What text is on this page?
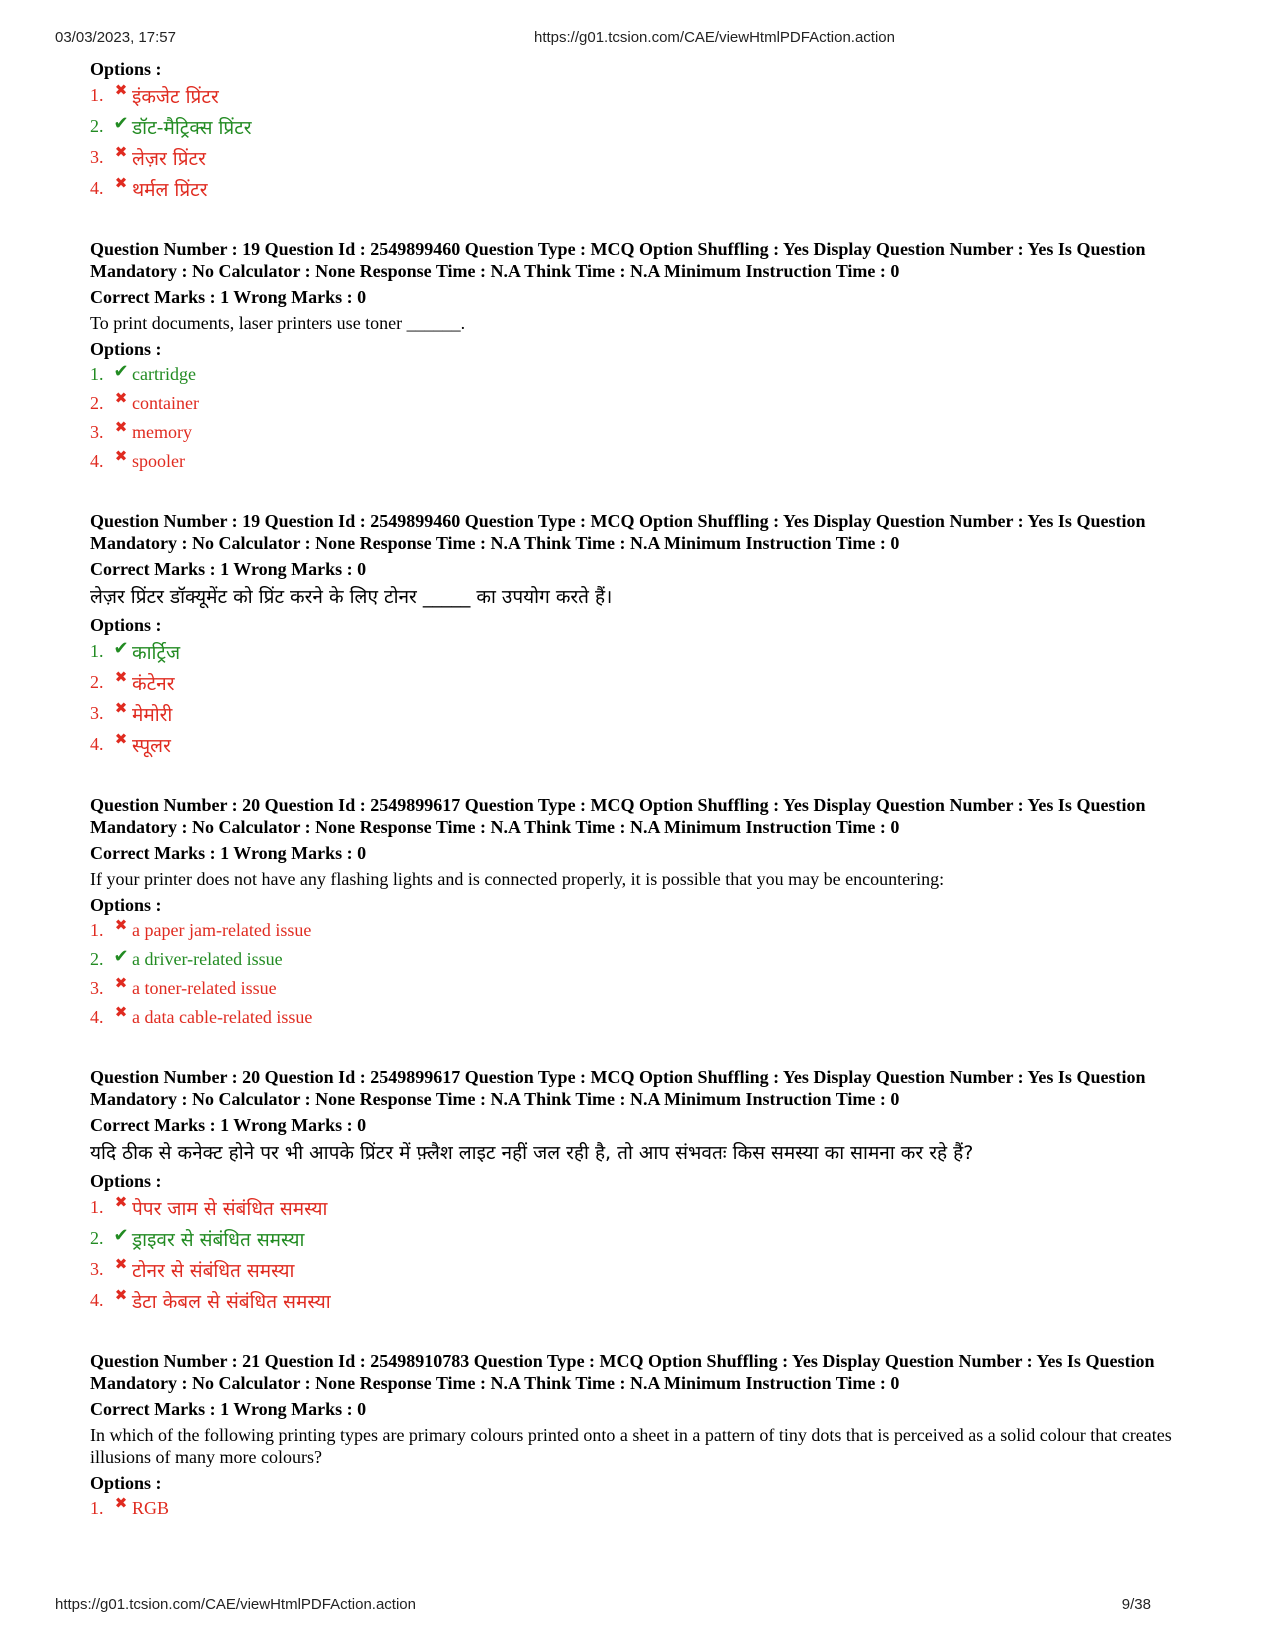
03/03/2023, 17:57	https://g01.tcsion.com/CAE/viewHtmlPDFAction.action

Options :

1. ✖ इंकजेट प्रिंटर
2. ✔ डॉट-मैट्रिक्स प्रिंटर
3. ✖ लेज़र प्रिंटर
4. ✖ थर्मल प्रिंटर

Question Number : 19 Question Id : 2549899460 Question Type : MCQ Option Shuffling : Yes Display Question Number : Yes Is Question Mandatory : No Calculator : None Response Time : N.A Think Time : N.A Minimum Instruction Time : 0

Correct Marks : 1 Wrong Marks : 0

To print documents, laser printers use toner ______.

Options :

1. ✔ cartridge
2. ✖ container
3. ✖ memory
4. ✖ spooler

Question Number : 19 Question Id : 2549899460 Question Type : MCQ Option Shuffling : Yes Display Question Number : Yes Is Question Mandatory : No Calculator : None Response Time : N.A Think Time : N.A Minimum Instruction Time : 0

Correct Marks : 1 Wrong Marks : 0

लेज़र प्रिंटर डॉक्यूमेंट को प्रिंट करने के लिए टोनर _____ का उपयोग करते हैं।

Options :

1. ✔ कार्ट्रिज
2. ✖ कंटेनर
3. ✖ मेमोरी
4. ✖ स्पूलर

Question Number : 20 Question Id : 2549899617 Question Type : MCQ Option Shuffling : Yes Display Question Number : Yes Is Question Mandatory : No Calculator : None Response Time : N.A Think Time : N.A Minimum Instruction Time : 0

Correct Marks : 1 Wrong Marks : 0

If your printer does not have any flashing lights and is connected properly, it is possible that you may be encountering:

Options :

1. ✖ a paper jam-related issue
2. ✔ a driver-related issue
3. ✖ a toner-related issue
4. ✖ a data cable-related issue

Question Number : 20 Question Id : 2549899617 Question Type : MCQ Option Shuffling : Yes Display Question Number : Yes Is Question Mandatory : No Calculator : None Response Time : N.A Think Time : N.A Minimum Instruction Time : 0

Correct Marks : 1 Wrong Marks : 0

यदि ठीक से कनेक्ट होने पर भी आपके प्रिंटर में फ़्लैश लाइट नहीं जल रही है, तो आप संभवतः किस समस्या का सामना कर रहे हैं?

Options :

1. ✖ पेपर जाम से संबंधित समस्या
2. ✔ ड्राइवर से संबंधित समस्या
3. ✖ टोनर से संबंधित समस्या
4. ✖ डेटा केबल से संबंधित समस्या

Question Number : 21 Question Id : 25498910783 Question Type : MCQ Option Shuffling : Yes Display Question Number : Yes Is Question Mandatory : No Calculator : None Response Time : N.A Think Time : N.A Minimum Instruction Time : 0

Correct Marks : 1 Wrong Marks : 0

In which of the following printing types are primary colours printed onto a sheet in a pattern of tiny dots that is perceived as a solid colour that creates illusions of many more colours?

Options :

1. ✖ RGB
https://g01.tcsion.com/CAE/viewHtmlPDFAction.action	9/38
